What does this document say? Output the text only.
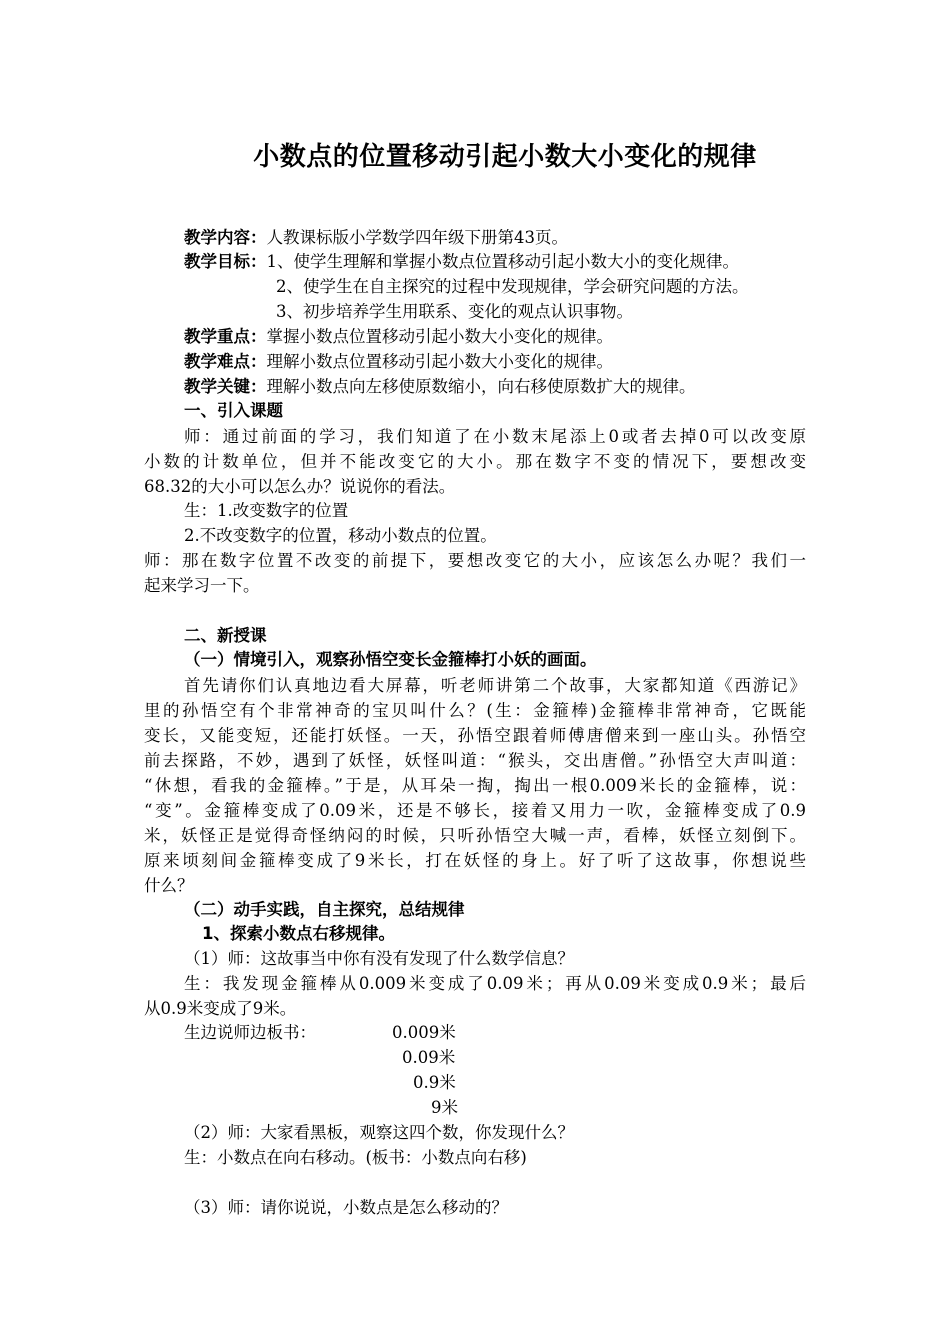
小数点的位置移动引起小数大小变化的规律
教学内容：人教课标版小学数学四年级下册第43页。
教学目标：1、使学生理解和掌握小数点位置移动引起小数大小的变化规律。
2、使学生在自主探究的过程中发现规律，学会研究问题的方法。
3、初步培养学生用联系、变化的观点认识事物。
教学重点：掌握小数点位置移动引起小数大小变化的规律。
教学难点：理解小数点位置移动引起小数大小变化的规律。
教学关键：理解小数点向左移使原数缩小，向右移使原数扩大的规律。
一、引入课题
师：通过前面的学习，我们知道了在小数末尾添上0或者去掉0可以改变原
小数的计数单位，但并不能改变它的大小。那在数字不变的情况下，要想改变
68.32的大小可以怎么办？说说你的看法。
生：1.改变数字的位置
2.不改变数字的位置，移动小数点的位置。
师：那在数字位置不改变的前提下，要想改变它的大小，应该怎么办呢？我们一
起来学习一下。
二、新授课
（一）情境引入，观察孙悟空变长金箍棒打小妖的画面。
首先请你们认真地边看大屏幕，听老师讲第二个故事，大家都知道《西游记》
里的孙悟空有个非常神奇的宝贝叫什么？(生：金箍棒)金箍棒非常神奇，它既能
变长，又能变短，还能打妖怪。一天，孙悟空跟着师傅唐僧来到一座山头。孙悟空
前去探路，不妙，遇到了妖怪，妖怪叫道：“猴头，交出唐僧。”孙悟空大声叫道：
“休想，看我的金箍棒。”于是，从耳朵一掏，掏出一根0.009米长的金箍棒，说：
“变”。金箍棒变成了0.09米，还是不够长，接着又用力一吹，金箍棒变成了0.9
米，妖怪正是觉得奇怪纳闷的时候，只听孙悟空大喊一声，看棒，妖怪立刻倒下。
原来顷刻间金箍棒变成了9米长，打在妖怪的身上。好了听了这故事，你想说些
什么？
（二）动手实践，自主探究，总结规律
1、探索小数点右移规律。
（1）师：这故事当中你有没有发现了什么数学信息？
生：我发现金箍棒从0.009米变成了0.09米；再从0.09米变成0.9米；最后
从0.9米变成了9米。
生边说师边板书：	0.009米
0.09米
0.9米
9米
（2）师：大家看黑板，观察这四个数，你发现什么？
生：小数点在向右移动。(板书：小数点向右移)
（3）师：请你说说，小数点是怎么移动的？
